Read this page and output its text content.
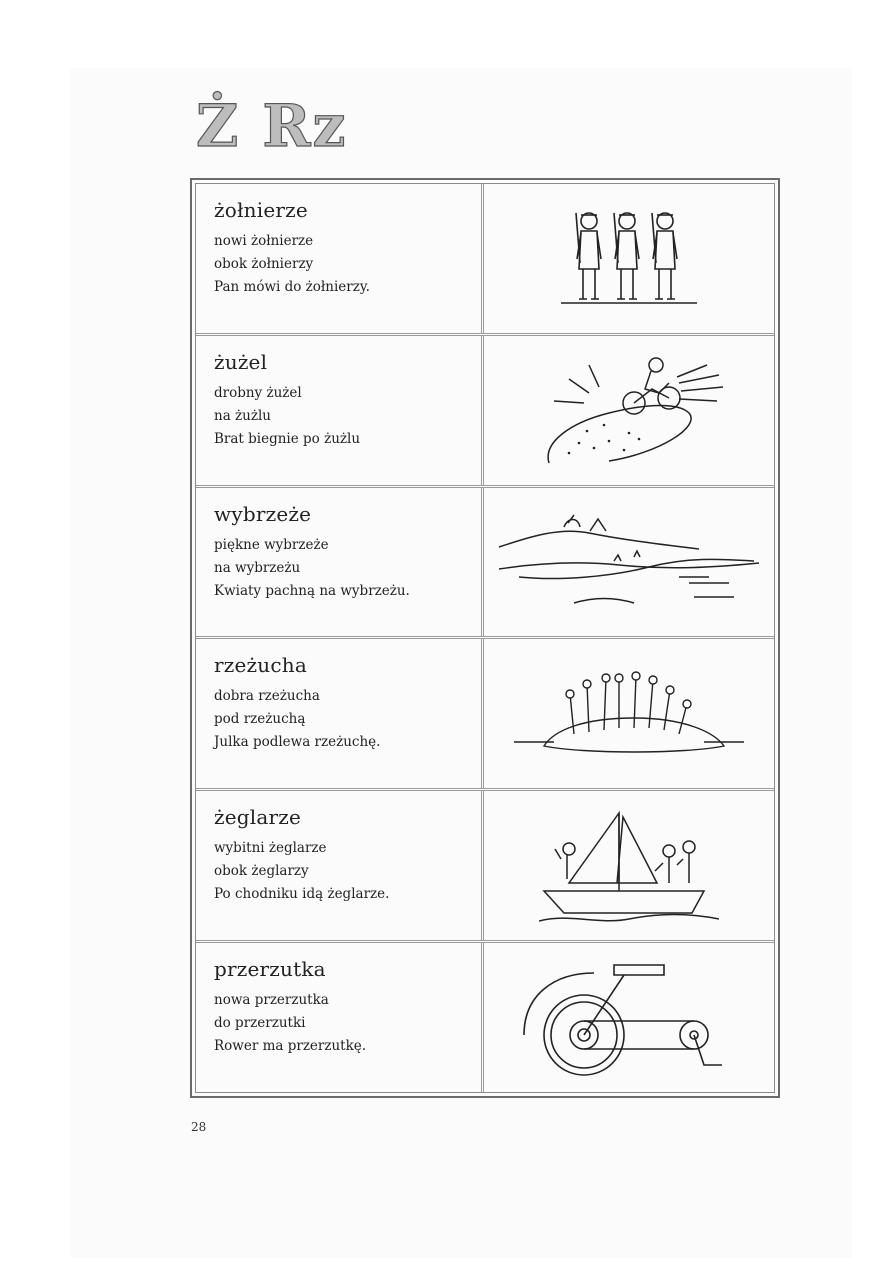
Ż Rz
żołnierze
nowi żołnierze
obok żołnierzy
Pan mówi do żołnierzy.
żużel
drobny żużel
na żużlu
Brat biegnie po żużlu
wybrzeże
piękne wybrzeże
na wybrzeżu
Kwiaty pachną na wybrzeżu.
rzeżucha
dobra rzeżucha
pod rzeżuchą
Julka podlewa rzeżuchę.
żeglarze
wybitni żeglarze
obok żeglarzy
Po chodniku idą żeglarze.
przerzutka
nowa przerzutka
do przerzutki
Rower ma przerzutkę.
28
